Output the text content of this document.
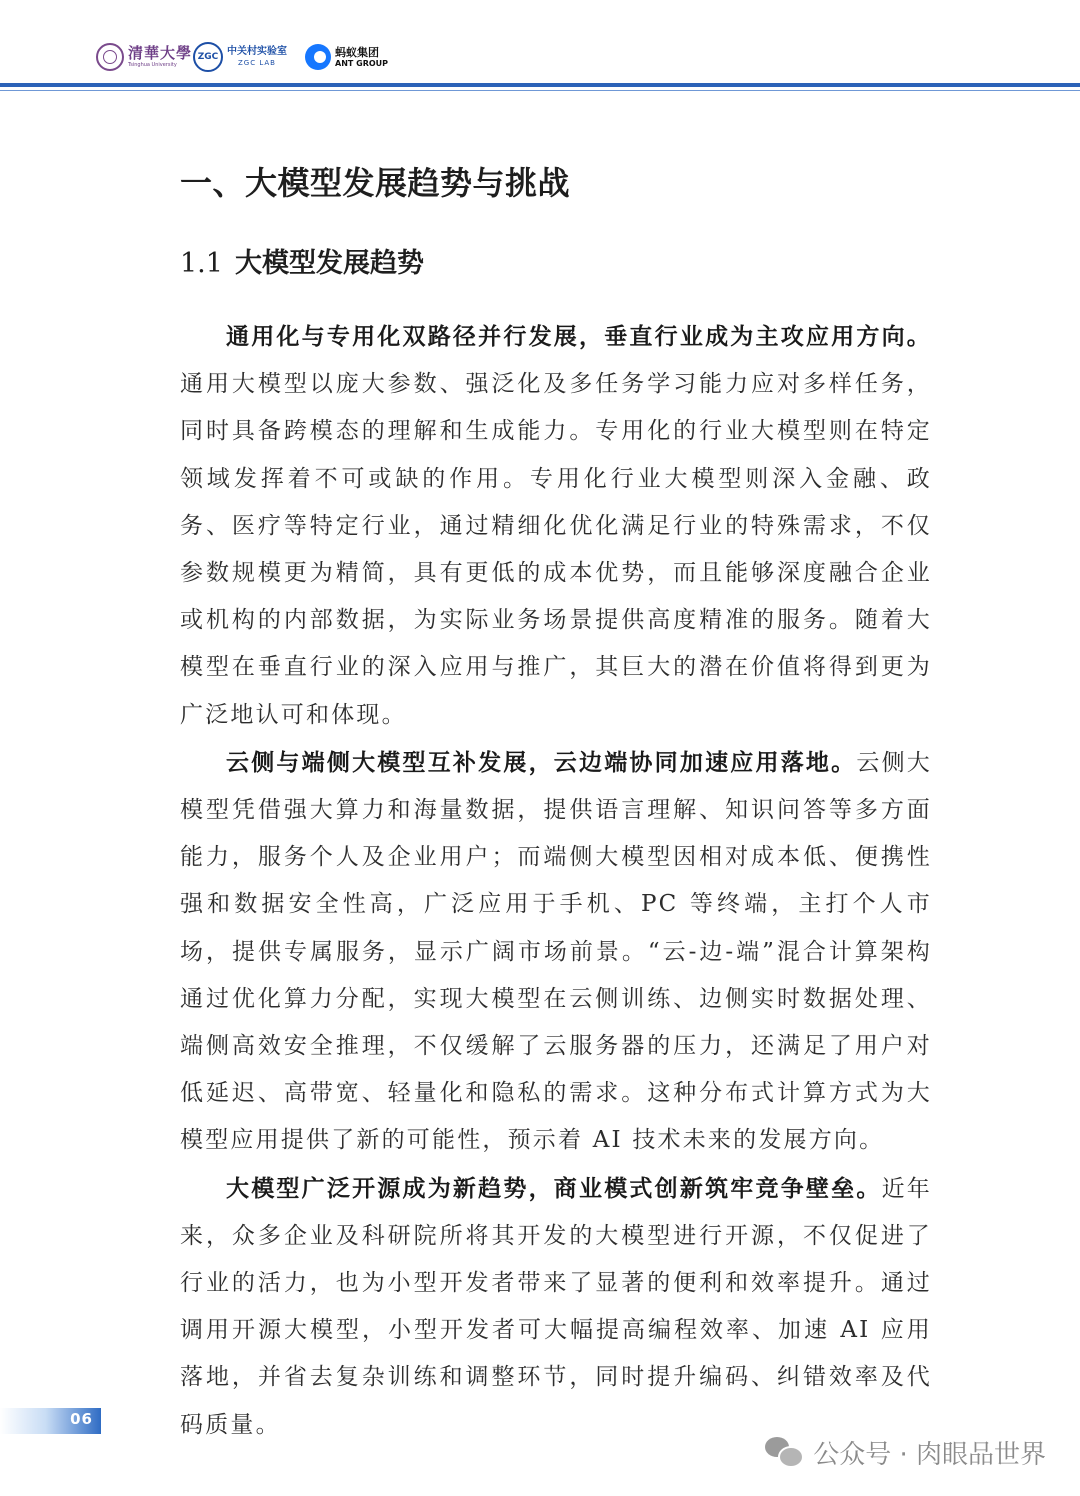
清華大學
Tsinghua University
ZGC 中关村实验室
ZGC LAB
蚂蚁集团
ANT GROUP
一、大模型发展趋势与挑战
1.1 大模型发展趋势

通用化与专用化双路径并行发展，垂直行业成为主攻应用方向。通用大模型以庞大参数、强泛化及多任务学习能力应对多样任务，同时具备跨模态的理解和生成能力。专用化的行业大模型则在特定领域发挥着不可或缺的作用。专用化行业大模型则深入金融、政务、医疗等特定行业，通过精细化优化满足行业的特殊需求，不仅参数规模更为精简，具有更低的成本优势，而且能够深度融合企业或机构的内部数据，为实际业务场景提供高度精准的服务。随着大模型在垂直行业的深入应用与推广，其巨大的潜在价值将得到更为广泛地认可和体现。

云侧与端侧大模型互补发展，云边端协同加速应用落地。云侧大模型凭借强大算力和海量数据，提供语言理解、知识问答等多方面能力，服务个人及企业用户；而端侧大模型因相对成本低、便携性强和数据安全性高，广泛应用于手机、PC 等终端，主打个人市场，提供专属服务，显示广阔市场前景。“云-边-端”混合计算架构通过优化算力分配，实现大模型在云侧训练、边侧实时数据处理、端侧高效安全推理，不仅缓解了云服务器的压力，还满足了用户对低延迟、高带宽、轻量化和隐私的需求。这种分布式计算方式为大模型应用提供了新的可能性，预示着 AI 技术未来的发展方向。

大模型广泛开源成为新趋势，商业模式创新筑牢竞争壁垒。近年来，众多企业及科研院所将其开发的大模型进行开源，不仅促进了行业的活力，也为小型开发者带来了显著的便利和效率提升。通过调用开源大模型，小型开发者可大幅提高编程效率、加速 AI 应用落地，并省去复杂训练和调整环节，同时提升编码、纠错效率及代码质量。

06
公众号 · 肉眼品世界
